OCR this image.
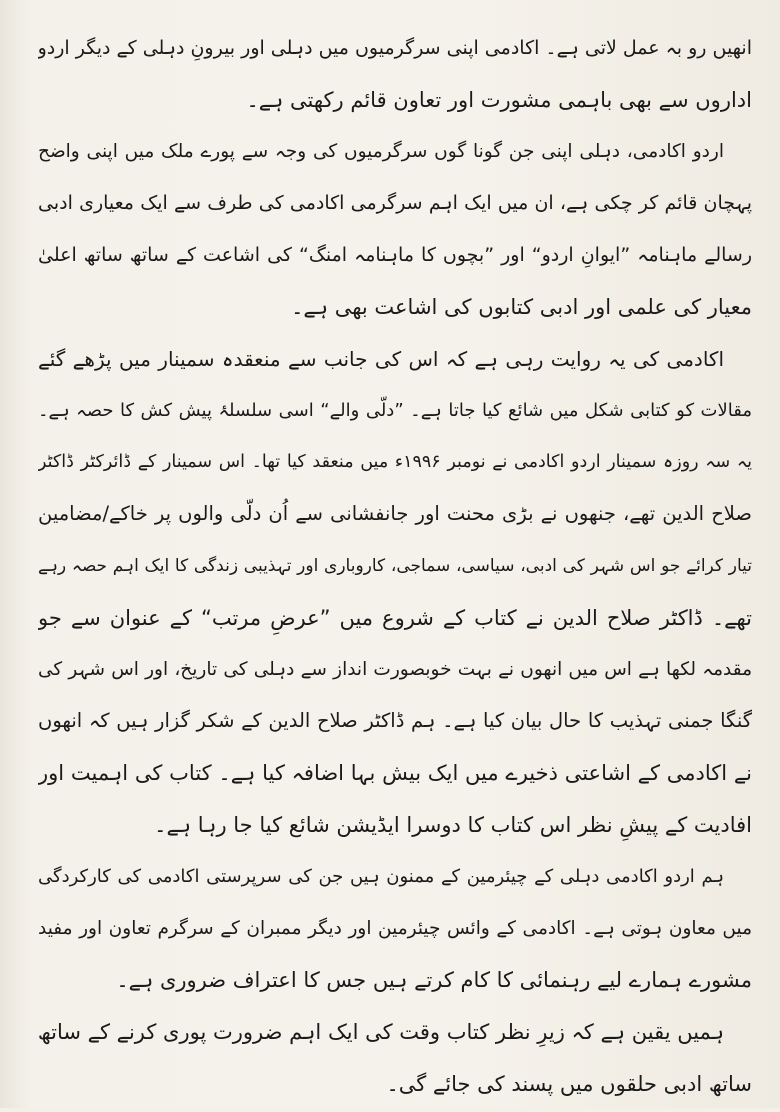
انھیں رو بہ عمل لاتی ہے۔ اکادمی اپنی سرگرمیوں میں دہلی اور بیرونِ دہلی کے دیگر اردو
اداروں سے بھی باہمی مشورت اور تعاون قائم رکھتی ہے۔
اردو اکادمی، دہلی اپنی جن گونا گوں سرگرمیوں کی وجہ سے پورے ملک میں اپنی واضح
پہچان قائم کر چکی ہے، ان میں ایک اہم سرگرمی اکادمی کی طرف سے ایک معیاری ادبی
رسالے ماہنامہ ”ایوانِ اردو“ اور ”بچوں کا ماہنامہ امنگ“ کی اشاعت کے ساتھ ساتھ اعلیٰ
معیار کی علمی اور ادبی کتابوں کی اشاعت بھی ہے۔
اکادمی کی یہ روایت رہی ہے کہ اس کی جانب سے منعقدہ سمینار میں پڑھے گئے
مقالات کو کتابی شکل میں شائع کیا جاتا ہے۔ ”دلّی والے“ اسی سلسلۂ پیش کش کا حصہ ہے۔
یہ سہ روزہ سمینار اردو اکادمی نے نومبر ۱۹۹۶ء میں منعقد کیا تھا۔ اس سمینار کے ڈائرکٹر ڈاکٹر
صلاح الدین تھے، جنھوں نے بڑی محنت اور جانفشانی سے اُن دلّی والوں پر خاکے/مضامین
تیار کرائے جو اس شہر کی ادبی، سیاسی، سماجی، کاروباری اور تہذیبی زندگی کا ایک اہم حصہ رہے
تھے۔ ڈاکٹر صلاح الدین نے کتاب کے شروع میں ”عرضِ مرتب“ کے عنوان سے جو
مقدمہ لکھا ہے اس میں انھوں نے بہت خوبصورت انداز سے دہلی کی تاریخ، اور اس شہر کی
گنگا جمنی تہذیب کا حال بیان کیا ہے۔ ہم ڈاکٹر صلاح الدین کے شکر گزار ہیں کہ انھوں
نے اکادمی کے اشاعتی ذخیرے میں ایک بیش بہا اضافہ کیا ہے۔ کتاب کی اہمیت اور
افادیت کے پیشِ نظر اس کتاب کا دوسرا ایڈیشن شائع کیا جا رہا ہے۔
ہم اردو اکادمی دہلی کے چیئرمین کے ممنون ہیں جن کی سرپرستی اکادمی کی کارکردگی
میں معاون ہوتی ہے۔ اکادمی کے وائس چیئرمین اور دیگر ممبران کے سرگرم تعاون اور مفید
مشورے ہمارے لیے رہنمائی کا کام کرتے ہیں جس کا اعتراف ضروری ہے۔
ہمیں یقین ہے کہ زیرِ نظر کتاب وقت کی ایک اہم ضرورت پوری کرنے کے ساتھ
ساتھ ادبی حلقوں میں پسند کی جائے گی۔
